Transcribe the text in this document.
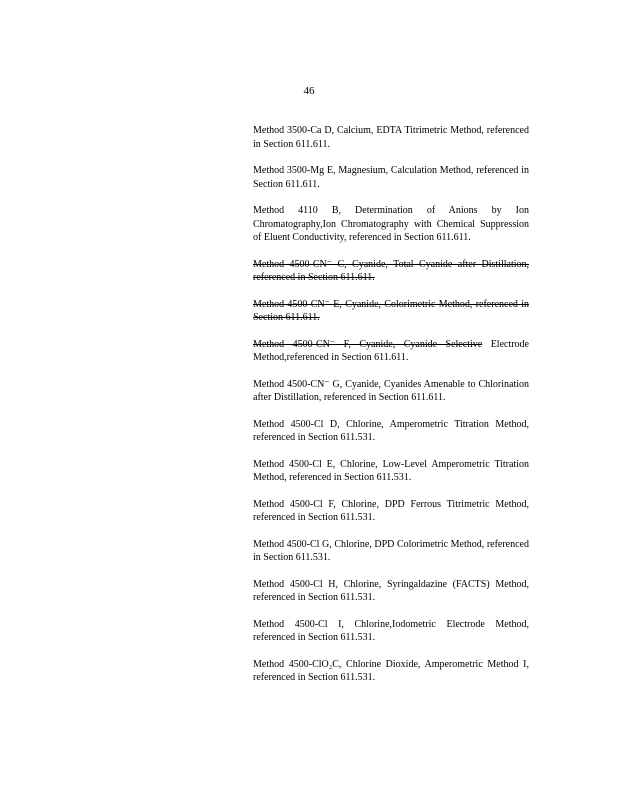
46

Method 3500-Ca D, Calcium, EDTA Titrimetric Method, referenced in Section 611.611.

Method 3500-Mg E, Magnesium, Calculation Method, referenced in Section 611.611.

Method 4110 B, Determination of Anions by Ion Chromatography,Ion Chromatography with Chemical Suppression of Eluent Conductivity, referenced in Section 611.611.

Method 4500-CN⁻ C, Cyanide, Total Cyanide after Distillation, referenced in Section 611.611.

Method 4500-CN⁻ E, Cyanide, Colorimetric Method, referenced in Section 611.611.

Method 4500-CN⁻ F, Cyanide, Cyanide Selective Electrode Method,referenced in Section 611.611.

Method 4500-CN⁻ G, Cyanide, Cyanides Amenable to Chlorination after Distillation, referenced in Section 611.611.

Method 4500-Cl D, Chlorine, Amperometric Titration Method, referenced in Section 611.531.

Method 4500-Cl E, Chlorine, Low-Level Amperometric Titration Method, referenced in Section 611.531.

Method 4500-Cl F, Chlorine, DPD Ferrous Titrimetric Method, referenced in Section 611.531.

Method 4500-Cl G, Chlorine, DPD Colorimetric Method, referenced in Section 611.531.

Method 4500-Cl H, Chlorine, Syringaldazine (FACTS) Method, referenced in Section 611.531.

Method 4500-Cl I, Chlorine,Iodometric Electrode Method, referenced in Section 611.531.

Method 4500-ClO₂C, Chlorine Dioxide, Amperometric Method I, referenced in Section 611.531.
